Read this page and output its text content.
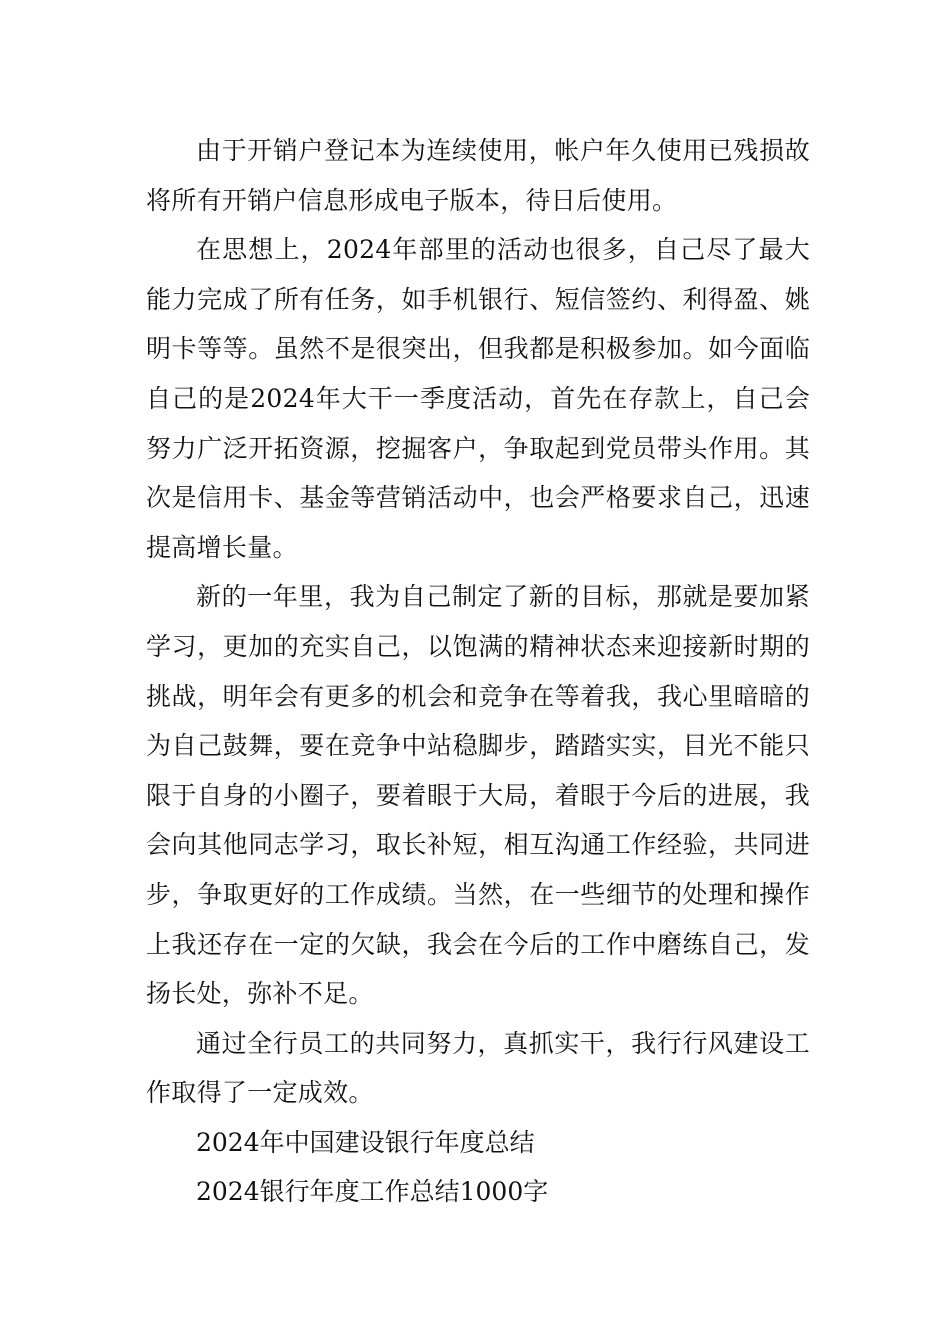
由于开销户登记本为连续使用，帐户年久使用已残损故将所有开销户信息形成电子版本，待日后使用。

在思想上，2024年部里的活动也很多，自己尽了最大能力完成了所有任务，如手机银行、短信签约、利得盈、姚明卡等等。虽然不是很突出，但我都是积极参加。如今面临自己的是2024年大干一季度活动，首先在存款上，自己会努力广泛开拓资源，挖掘客户，争取起到党员带头作用。其次是信用卡、基金等营销活动中，也会严格要求自己，迅速提高增长量。

新的一年里，我为自己制定了新的目标，那就是要加紧学习，更加的充实自己，以饱满的精神状态来迎接新时期的挑战，明年会有更多的机会和竞争在等着我，我心里暗暗的为自己鼓舞，要在竞争中站稳脚步，踏踏实实，目光不能只限于自身的小圈子，要着眼于大局，着眼于今后的进展，我会向其他同志学习，取长补短，相互沟通工作经验，共同进步，争取更好的工作成绩。当然，在一些细节的处理和操作上我还存在一定的欠缺，我会在今后的工作中磨练自己，发扬长处，弥补不足。

通过全行员工的共同努力，真抓实干，我行行风建设工作取得了一定成效。

2024年中国建设银行年度总结

2024银行年度工作总结1000字
